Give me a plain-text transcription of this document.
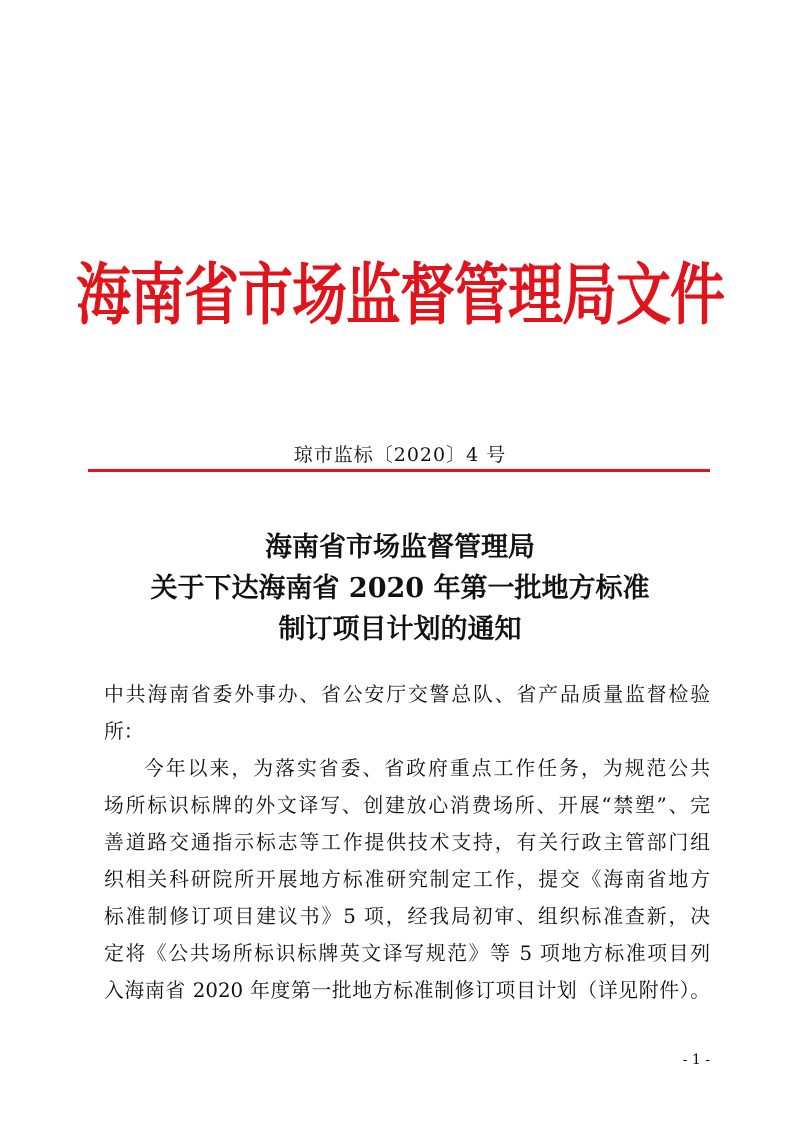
海南省市场监督管理局文件
琼市监标〔2020〕4 号
海南省市场监督管理局
关于下达海南省 2020 年第一批地方标准
制订项目计划的通知
中共海南省委外事办、省公安厅交警总队、省产品质量监督检验
所：
今年以来，为落实省委、省政府重点工作任务，为规范公共
场所标识标牌的外文译写、创建放心消费场所、开展“禁塑”、完
善道路交通指示标志等工作提供技术支持，有关行政主管部门组
织相关科研院所开展地方标准研究制定工作，提交《海南省地方
标准制修订项目建议书》5 项，经我局初审、组织标准查新，决
定将《公共场所标识标牌英文译写规范》等 5 项地方标准项目列
入海南省 2020 年度第一批地方标准制修订项目计划（详见附件）。
- 1 -
